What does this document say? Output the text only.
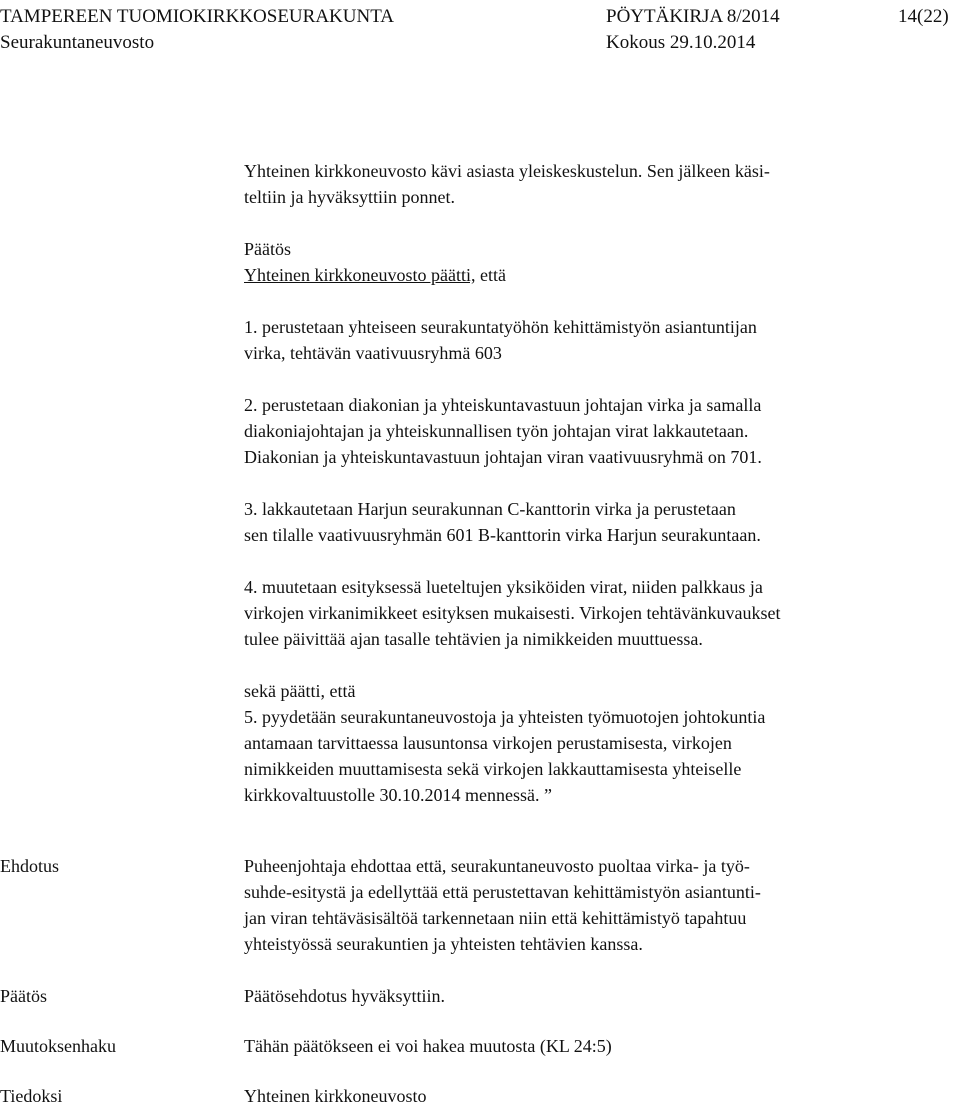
TAMPEREEN TUOMIOKIRKKOSEURAKUNTA	PÖYTÄKIRJA 8/2014	14(22)
Seurakuntaneuvosto	Kokous 29.10.2014

Yhteinen kirkkoneuvosto kävi asiasta yleiskeskustelun. Sen jälkeen käsi-

teltiin ja hyväksyttiin ponnet.

Päätös

Yhteinen kirkkoneuvosto päätti, että

1. perustetaan yhteiseen seurakuntatyöhön kehittämistyön asiantuntijan

virka, tehtävän vaativuusryhmä 603

2. perustetaan diakonian ja yhteiskuntavastuun johtajan virka ja samalla

diakoniajohtajan ja yhteiskunnallisen työn johtajan virat lakkautetaan.

Diakonian ja yhteiskuntavastuun johtajan viran vaativuusryhmä on 701.

3. lakkautetaan Harjun seurakunnan C-kanttorin virka ja perustetaan

sen tilalle vaativuusryhmän 601 B-kanttorin virka Harjun seurakuntaan.

4. muutetaan esityksessä lueteltujen yksiköiden virat, niiden palkkaus ja

virkojen virkanimikkeet esityksen mukaisesti. Virkojen tehtävänkuvaukset

tulee päivittää ajan tasalle tehtävien ja nimikkeiden muuttuessa.

sekä päätti, että

5. pyydetään seurakuntaneuvostoja ja yhteisten työmuotojen johtokuntia

antamaan tarvittaessa lausuntonsa virkojen perustamisesta, virkojen

nimikkeiden muuttamisesta sekä virkojen lakkauttamisesta yhteiselle

kirkkovaltuustolle 30.10.2014 mennessä. ”

Ehdotus	Puheenjohtaja ehdottaa että, seurakuntaneuvosto puoltaa virka- ja työ-
suhde-esitystä ja edellyttää että perustettavan kehittämistyön asiantunti-
jan viran tehtäväsisältöä tarkennetaan niin että kehittämistyö tapahtuu
yhteistyössä seurakuntien ja yhteisten tehtävien kanssa.
Päätös	Päätösehdotus hyväksyttiin.
Muutoksenhaku	Tähän päätökseen ei voi hakea muutosta (KL 24:5)
Tiedoksi	Yhteinen kirkkoneuvosto
